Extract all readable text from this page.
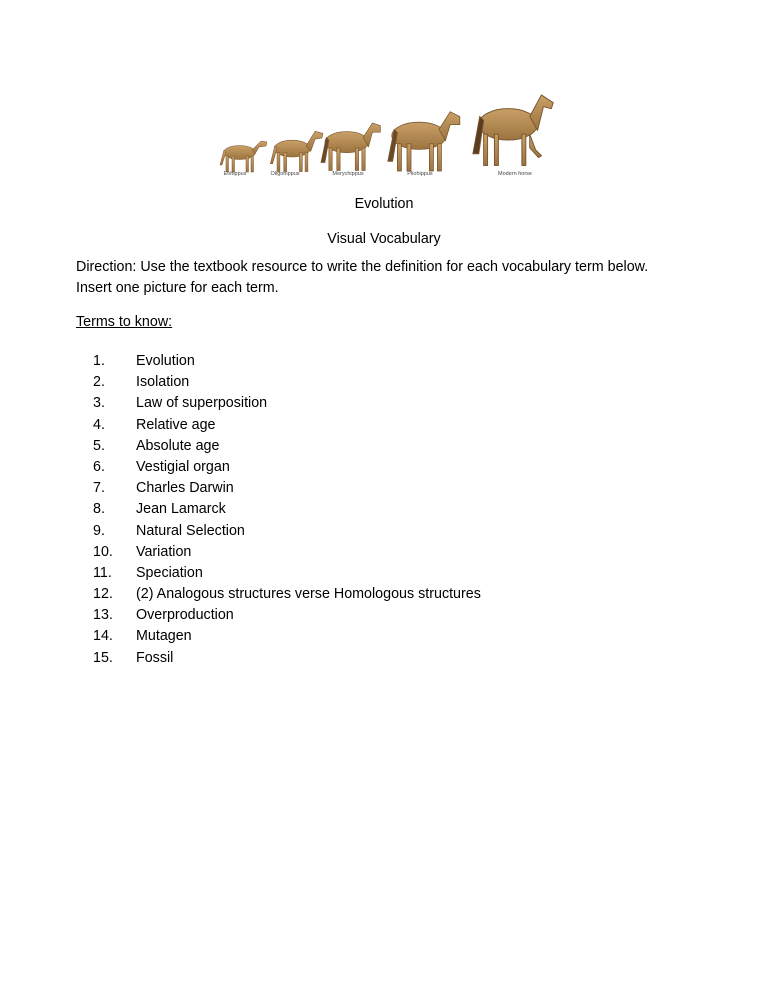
Eohippus	Oligohippus	Merychippus	Pliohippus	Modern horse
Evolution
Visual Vocabulary
Direction: Use the textbook resource to write the definition for each vocabulary term below.
Insert one picture for each term.
Terms to know:
1. Evolution
2. Isolation
3. Law of superposition
4. Relative age
5. Absolute age
6. Vestigial organ
7. Charles Darwin
8. Jean Lamarck
9. Natural Selection
10. Variation
11. Speciation
12. (2) Analogous structures verse Homologous structures
13. Overproduction
14. Mutagen
15. Fossil
